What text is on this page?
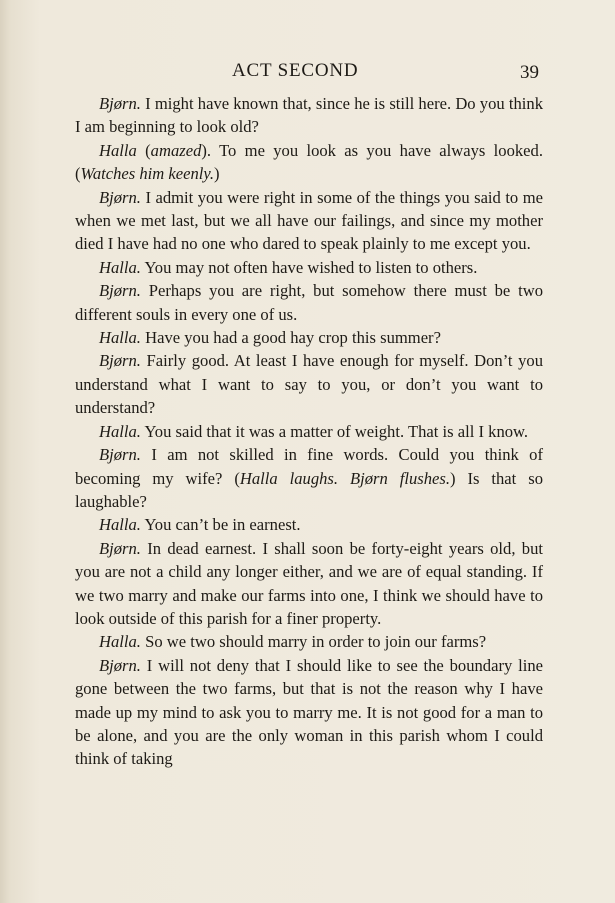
ACT SECOND	39

Bjørn. I might have known that, since he is still here. Do you think I am beginning to look old?

Halla (amazed). To me you look as you have always looked. (Watches him keenly.)

Bjørn. I admit you were right in some of the things you said to me when we met last, but we all have our failings, and since my mother died I have had no one who dared to speak plainly to me except you.

Halla. You may not often have wished to listen to others.

Bjørn. Perhaps you are right, but somehow there must be two different souls in every one of us.

Halla. Have you had a good hay crop this summer?

Bjørn. Fairly good. At least I have enough for myself. Don’t you understand what I want to say to you, or don’t you want to understand?

Halla. You said that it was a matter of weight. That is all I know.

Bjørn. I am not skilled in fine words. Could you think of becoming my wife? (Halla laughs. Bjørn flushes.) Is that so laughable?

Halla. You can’t be in earnest.

Bjørn. In dead earnest. I shall soon be forty-eight years old, but you are not a child any longer either, and we are of equal standing. If we two marry and make our farms into one, I think we should have to look outside of this parish for a finer property.

Halla. So we two should marry in order to join our farms?

Bjørn. I will not deny that I should like to see the boundary line gone between the two farms, but that is not the reason why I have made up my mind to ask you to marry me. It is not good for a man to be alone, and you are the only woman in this parish whom I could think of taking
